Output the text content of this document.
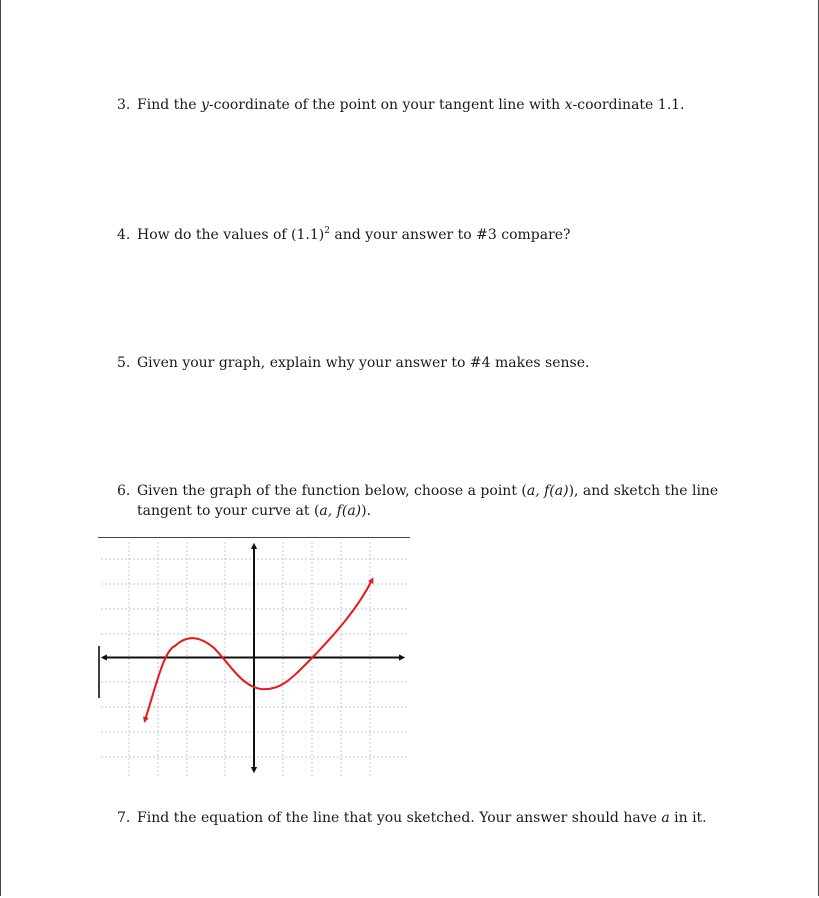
3. Find the y-coordinate of the point on your tangent line with x-coordinate 1.1.
4. How do the values of $(1.1)^2$ and your answer to #3 compare?
5. Given your graph, explain why your answer to #4 makes sense.
6. Given the graph of the function below, choose a point (a, f(a)), and sketch the line
tangent to your curve at (a, f(a)).
7. Find the equation of the line that you sketched. Your answer should have a in it.
